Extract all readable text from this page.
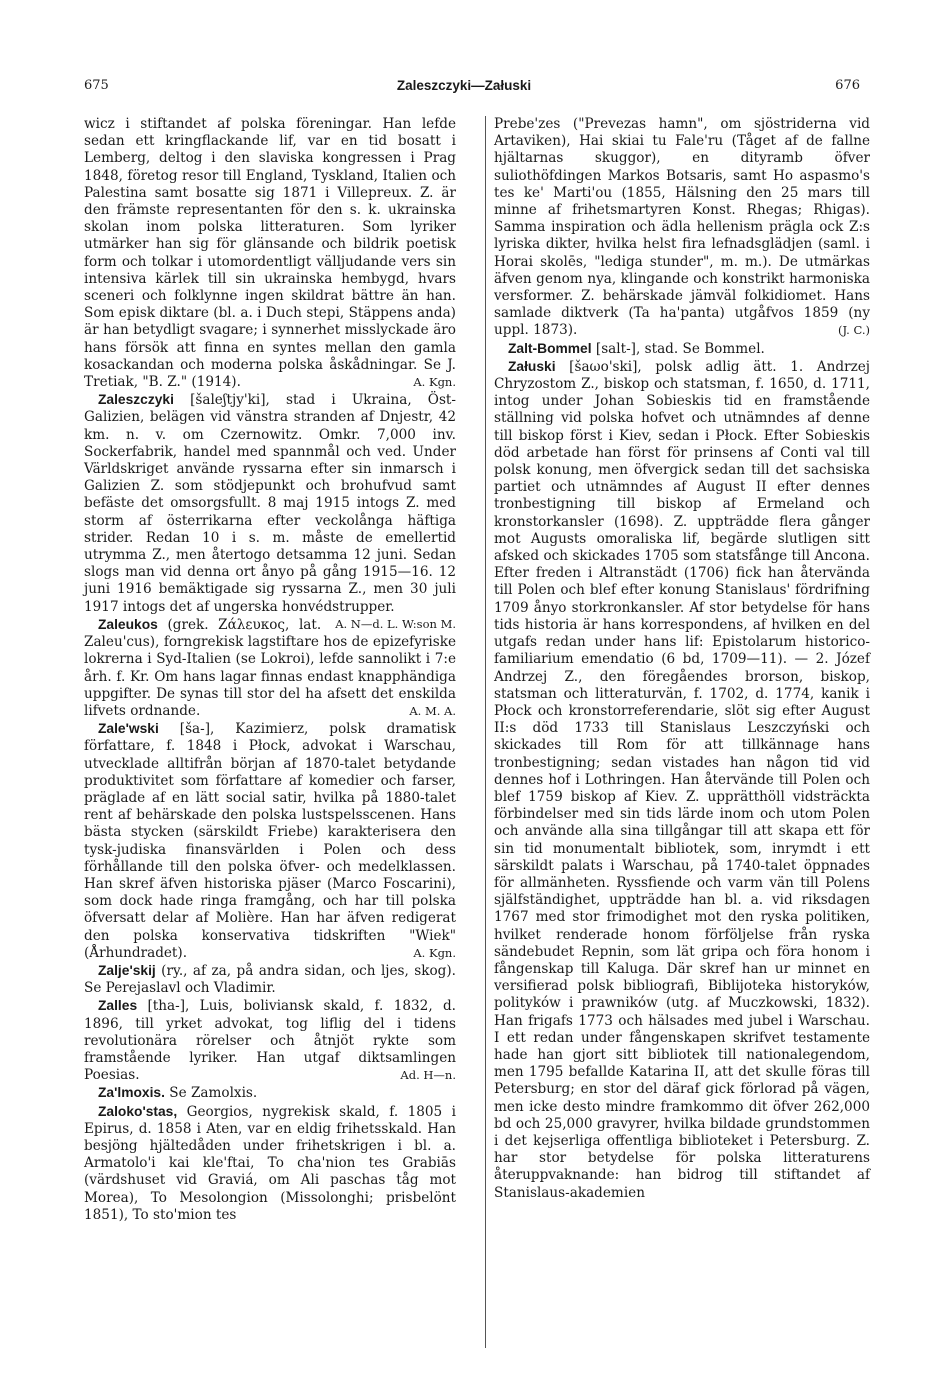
675	Zaleszczyki—Załuski	676

wicz i stiftandet af polska föreningar. Han lefde sedan ett kringflackande lif, var en tid bosatt i Lemberg, deltog i den slaviska kongressen i Prag 1848, företog resor till England, Tyskland, Italien och Palestina samt bosatte sig 1871 i Villepreux. Z. är den främste representanten för den s. k. ukrainska skolan inom polska litteraturen. Som lyriker utmärker han sig för glänsande och bildrik poetisk form och tolkar i utomordentligt välljudande vers sin intensiva kärlek till sin ukrainska hembygd, hvars sceneri och folklynne ingen skildrat bättre än han. Som episk diktare (bl. a. i Duch stepi, Stäppens anda) är han betydligt svagare; i synnerhet misslyckade äro hans försök att finna en syntes mellan den gamla kosackandan och moderna polska åskådningar. Se J. Tretiak, "B. Z." (1914).	A. Kgn.

Zaleszczyki [šalеʃtjy'ki], stad i Ukraina, Öst-Galizien, belägen vid vänstra stranden af Dnjestr, 42 km. n. v. om Czernowitz. Omkr. 7,000 inv. Sockerfabrik, handel med spannmål och ved. Under Världskriget använde ryssarna efter sin inmarsch i Galizien Z. som stödjepunkt och brohufvud samt befäste det omsorgsfullt. 8 maj 1915 intogs Z. med storm af österrikarna efter veckolånga häftiga strider. Redan 10 i s. m. måste de emellertid utrymma Z., men återtogo detsamma 12 juni. Sedan slogs man vid denna ort ånyo på gång 1915—16. 12 juni 1916 bemäktigade sig ryssarna Z., men 30 juli 1917 intogs det af ungerska honvédstrupper.
A. N—d. L. W:son M.

Zaleukos (grek. Ζάλευκος, lat. Zaleu'cus), forngrekisk lagstiftare hos de epizefyriske lokrerna i Syd-Italien (se Lokroi), lefde sannolikt i 7:e årh. f. Kr. Om hans lagar finnas endast knapphändiga uppgifter. De synas till stor del ha afsett det enskilda lifvets ordnande.	A. M. A.

Zale'wski [ša-], Kazimierz, polsk dramatisk författare, f. 1848 i Płock, advokat i Warschau, utvecklade alltifrån början af 1870-talet betydande produktivitet som författare af komedier och farser, präglade af en lätt social satir, hvilka på 1880-talet rent af behärskade den polska lustspelsscenen. Hans bästa stycken (särskildt Friebe) karakterisera den tysk-judiska finansvärlden i Polen och dess förhållande till den polska öfver- och medelklassen. Han skref äfven historiska pjäser (Marco Foscarini), som dock hade ringa framgång, och har till polska öfversatt delar af Molière. Han har äfven redigerat den polska konservativa tidskriften "Wiek" (Århundradet).	A. Kgn.

Zalje'skij (ry., af za, på andra sidan, och ljes, skog). Se Perejaslavl och Vladimir.

Zalles [tha-], Luis, boliviansk skald, f. 1832, d. 1896, till yrket advokat, tog liflig del i tidens revolutionära rörelser och åtnjöt rykte som framstående lyriker. Han utgaf diktsamlingen Poesias.	Ad. H—n.

Za'lmoxis. Se Zamolxis.

Zaloko'stas, Georgios, nygrekisk skald, f. 1805 i Epirus, d. 1858 i Aten, var en eldig frihetsskald. Han besjöng hjältedåden under frihetskrigen i bl. a. Armatolo'i kai kle'ftai, To cha'nion tes Grabiās (värdshuset vid Graviá, om Ali paschas tåg mot Morea), To Mesolongion (Missolonghi; prisbelönt 1851), To sto'mion tes

Prebe'zes ("Prevezas hamn", om sjöstriderna vid Artaviken), Hai skiai tu Fale'ru (Tåget af de fallne hjältarnas skuggor), en dityramb öfver suliothöfdingen Markos Botsaris, samt Ho aspasmo's tes ke' Marti'ou (1855, Hälsning den 25 mars till minne af frihetsmartyren Konst. Rhegas; Rhigas). Samma inspiration och ädla hellenism prägla ock Z:s lyriska dikter, hvilka helst fira lefnadsglädjen (saml. i Horai skolēs, "lediga stunder", m. m.). De utmärkas äfven genom nya, klingande och konstrikt harmoniska versformer. Z. behärskade jämväl folkidiomet. Hans samlade diktverk (Ta ha'panta) utgåfvos 1859 (ny uppl. 1873).	(J. C.)

Zalt-Bommel [salt-], stad. Se Bommel.

Załuski [šaωo'ski], polsk adlig ätt. 1. Andrzej Chryzostom Z., biskop och statsman, f. 1650, d. 1711, intog under Johan Sobieskis tid en framstående ställning vid polska hofvet och utnämndes af denne till biskop först i Kiev, sedan i Płock. Efter Sobieskis död arbetade han först för prinsens af Conti val till polsk konung, men öfvergick sedan till det sachsiska partiet och utnämndes af August II efter dennes tronbestigning till biskop af Ermeland och kronstorkansler (1698). Z. uppträdde flera gånger mot Augusts omoraliska lif, begärde slutligen sitt afsked och skickades 1705 som statsfånge till Ancona. Efter freden i Altranstädt (1706) fick han återvända till Polen och blef efter konung Stanislaus' fördrifning 1709 ånyo storkronkansler. Af stor betydelse för hans tids historia är hans korrespondens, af hvilken en del utgafs redan under hans lif: Epistolarum historico-familiarium emendatio (6 bd, 1709—11). — 2. Józef Andrzej Z., den föregåendes brorson, biskop, statsman och litteraturvän, f. 1702, d. 1774, kanik i Płock och kronstorreferendarie, slöt sig efter August II:s död 1733 till Stanislaus Leszczyński och skickades till Rom för att tillkännage hans tronbestigning; sedan vistades han någon tid vid dennes hof i Lothringen. Han återvände till Polen och blef 1759 biskop af Kiev. Z. upprätthöll vidsträckta förbindelser med sin tids lärde inom och utom Polen och använde alla sina tillgångar till att skapa ett för sin tid monumentalt bibliotek, som, inrymdt i ett särskildt palats i Warschau, på 1740-talet öppnades för allmänheten. Ryssfiende och varm vän till Polens själfständighet, uppträdde han bl. a. vid riksdagen 1767 med stor frimodighet mot den ryska politiken, hvilket renderade honom förföljelse från ryska sändebudet Repnin, som lät gripa och föra honom i fångenskap till Kaluga. Där skref han ur minnet en versifierad polsk bibliografi, Biblijoteka historyków, polityków i prawników (utg. af Muczkowski, 1832). Han frigafs 1773 och hälsades med jubel i Warschau. I ett redan under fångenskapen skrifvet testamente hade han gjort sitt bibliotek till nationalegendom, men 1795 befallde Katarina II, att det skulle föras till Petersburg; en stor del däraf gick förlorad på vägen, men icke desto mindre framkommo dit öfver 262,000 bd och 25,000 gravyrer, hvilka bildade grundstommen i det kejserliga offentliga biblioteket i Petersburg. Z. har stor betydelse för polska litteraturens återuppvaknande: han bidrog till stiftandet af Stanislaus-akademien
